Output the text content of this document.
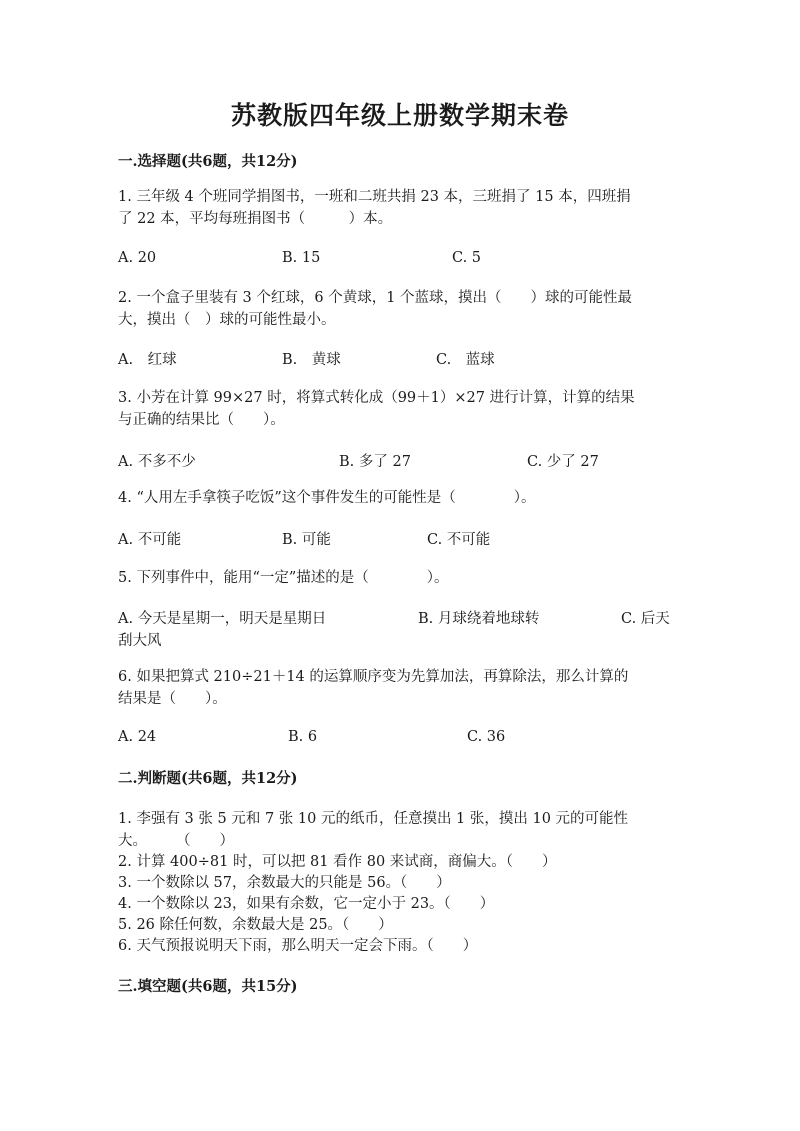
苏教版四年级上册数学期末卷
一.选择题(共6题，共12分)
1. 三年级 4 个班同学捐图书，一班和二班共捐 23 本，三班捐了 15 本，四班捐
了 22 本，平均每班捐图书（　　　）本。
A. 20	B. 15	C. 5
2. 一个盒子里装有 3 个红球，6 个黄球，1 个蓝球，摸出（　　）球的可能性最
大，摸出（　）球的可能性最小。
A.　红球	B.　黄球	C.　蓝球
3. 小芳在计算 99×27 时，将算式转化成（99＋1）×27 进行计算，计算的结果
与正确的结果比（　　）。
A. 不多不少	B. 多了 27	C. 少了 27
4. “人用左手拿筷子吃饭”这个事件发生的可能性是（　　　　）。
A. 不可能	B. 可能	C. 不可能
5. 下列事件中，能用“一定”描述的是（　　　　）。
A. 今天是星期一，明天是星期日	B. 月球绕着地球转	C. 后天
刮大风
6. 如果把算式 210÷21＋14 的运算顺序变为先算加法，再算除法，那么计算的
结果是（　　）。
A. 24	B. 6	C. 36
二.判断题(共6题，共12分)
1. 李强有 3 张 5 元和 7 张 10 元的纸币，任意摸出 1 张，摸出 10 元的可能性
大。　　　（　　）
2. 计算 400÷81 时，可以把 81 看作 80 来试商，商偏大。（　　）
3. 一个数除以 57，余数最大的只能是 56。（　　）
4. 一个数除以 23，如果有余数，它一定小于 23。（　　）
5. 26 除任何数，余数最大是 25。（　　）
6. 天气预报说明天下雨，那么明天一定会下雨。（　　）
三.填空题(共6题，共15分)
